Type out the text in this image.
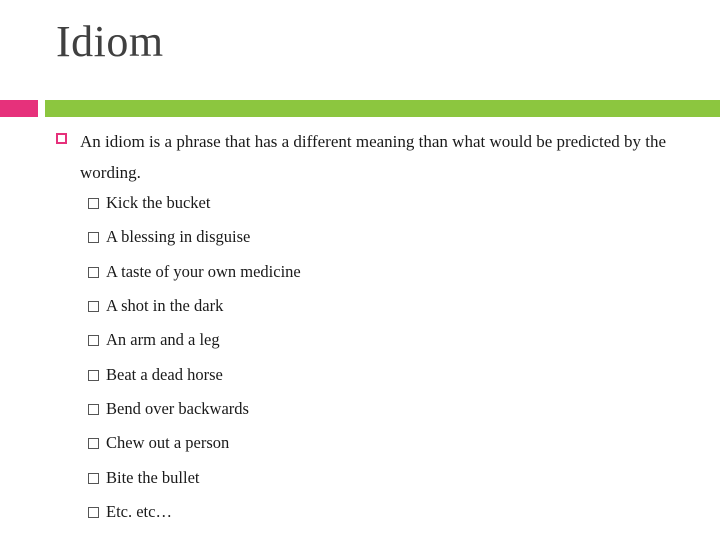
Idiom
An idiom is a phrase that has a different meaning than what would be predicted by the wording.
Kick the bucket
A blessing in disguise
A taste of your own medicine
A shot in the dark
An arm and a leg
Beat a dead horse
Bend over backwards
Chew out a person
Bite the bullet
Etc. etc…
